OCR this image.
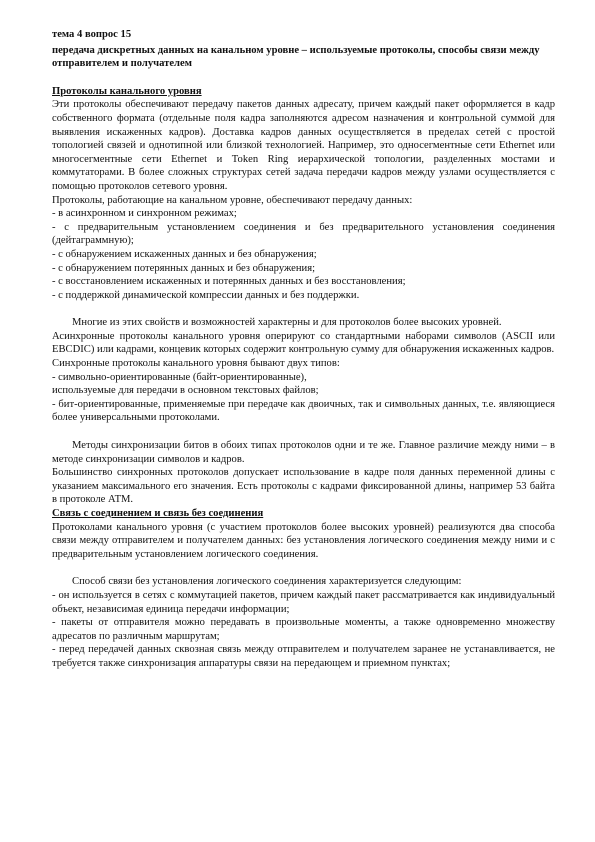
тема 4 вопрос 15

передача дискретных данных на канальном уровне – используемые протоколы, способы связи между отправителем и получателем

Протоколы канального уровня

Эти протоколы обеспечивают передачу пакетов данных адресату, причем каждый пакет оформляется в кадр собственного формата (отдельные поля кадра заполняются адресом назначения и контрольной суммой для выявления искаженных кадров). Доставка кадров данных осуществляется в пределах сетей с простой топологией связей и однотипной или близкой технологией. Например, это односегментные сети Ethernet или многосегментные сети Ethernet и Token Ring иерархической топологии, разделенных мостами и коммутаторами. В более сложных структурах сетей задача передачи кадров между узлами осуществляется с помощью протоколов сетевого уровня.

Протоколы, работающие на канальном уровне, обеспечивают передачу данных:

- в асинхронном и синхронном режимах;
- с предварительным установлением соединения и без предварительного установления соединения (дейтаграммную);
- с обнаружением искаженных данных и без обнаружения;
- с обнаружением потерянных данных и без обнаружения;
- с восстановлением искаженных и потерянных данных и без восстановления;
- с поддержкой динамической компрессии данных и без поддержки.

Многие из этих свойств и возможностей характерны и для протоколов более высоких уровней.

Асинхронные протоколы канального уровня оперируют со стандартными наборами символов (ASCII или EBCDIC) или кадрами, концевик которых содержит контрольную сумму для обнаружения искаженных кадров.

Синхронные протоколы канального уровня бывают двух типов:

- символьно-ориентированные (байт-ориентированные),
используемые для передачи в основном текстовых файлов;
- бит-ориентированные, применяемые при передаче как двоичных, так и символьных данных, т.е. являющиеся более универсальными протоколами.

Методы синхронизации битов в обоих типах протоколов одни и те же. Главное различие между ними – в методе синхронизации символов и кадров.

Большинство синхронных протоколов допускает использование в кадре поля данных переменной длины с указанием максимального его значения. Есть протоколы с кадрами фиксированной длины, например 53 байта в протоколе АТМ.

Связь с соединением и связь без соединения

Протоколами канального уровня (с участием протоколов более высоких уровней) реализуются два способа связи между отправителем и получателем данных: без установления логического соединения между ними и с предварительным установлением логического соединения.

Способ связи без установления логического соединения характеризуется следующим:

- он используется в сетях с коммутацией пакетов, причем каждый пакет рассматривается как индивидуальный объект, независимая единица передачи информации;
- пакеты от отправителя можно передавать в произвольные моменты, а также одновременно множеству адресатов по различным маршрутам;
- перед передачей данных сквозная связь между отправителем и получателем заранее не устанавливается, не требуется также синхронизация аппаратуры связи на передающем и приемном пунктах;
